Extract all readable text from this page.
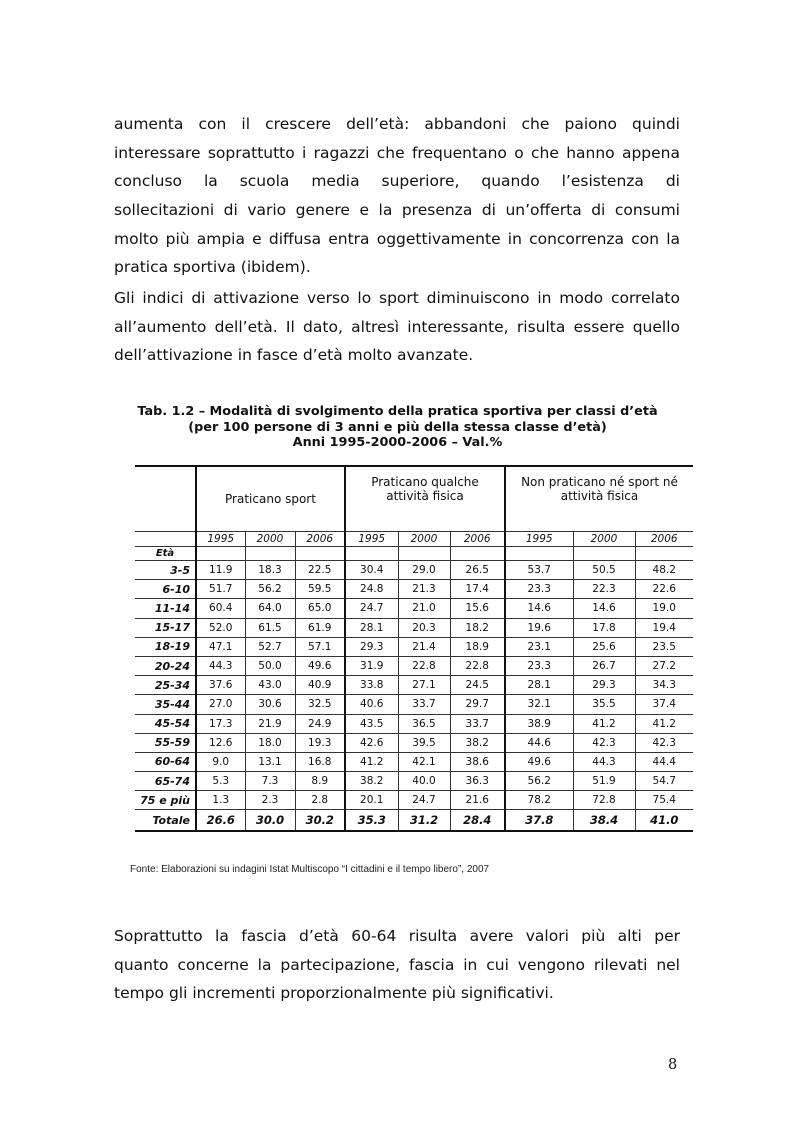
aumenta con il crescere dell’età: abbandoni che paiono quindi
interessare soprattutto i ragazzi che frequentano o che hanno appena
concluso la scuola media superiore, quando l’esistenza di
sollecitazioni di vario genere e la presenza di un’offerta di consumi
molto più ampia e diffusa entra oggettivamente in concorrenza con la
pratica sportiva (ibidem).
Gli indici di attivazione verso lo sport diminuiscono in modo correlato
all’aumento dell’età. Il dato, altresì interessante, risulta essere quello
dell’attivazione in fasce d’età molto avanzate.
Tab. 1.2 – Modalità di svolgimento della pratica sportiva per classi d’età
(per 100 persone di 3 anni e più della stessa classe d’età)
Anni 1995-2000-2006 – Val.%
	Praticano sport			Praticano qualche attività fisica			Non praticano né sport né attività fisica		

	1995	2000	2006	1995	2000	2006	1995	2000	2006
Età									
3-5	11.9	18.3	22.5	30.4	29.0	26.5	53.7	50.5	48.2
6-10	51.7	56.2	59.5	24.8	21.3	17.4	23.3	22.3	22.6
11-14	60.4	64.0	65.0	24.7	21.0	15.6	14.6	14.6	19.0
15-17	52.0	61.5	61.9	28.1	20.3	18.2	19.6	17.8	19.4
18-19	47.1	52.7	57.1	29.3	21.4	18.9	23.1	25.6	23.5
20-24	44.3	50.0	49.6	31.9	22.8	22.8	23.3	26.7	27.2
25-34	37.6	43.0	40.9	33.8	27.1	24.5	28.1	29.3	34.3
35-44	27.0	30.6	32.5	40.6	33.7	29.7	32.1	35.5	37.4
45-54	17.3	21.9	24.9	43.5	36.5	33.7	38.9	41.2	41.2
55-59	12.6	18.0	19.3	42.6	39.5	38.2	44.6	42.3	42.3
60-64	9.0	13.1	16.8	41.2	42.1	38.6	49.6	44.3	44.4
65-74	5.3	7.3	8.9	38.2	40.0	36.3	56.2	51.9	54.7
75 e più	1.3	2.3	2.8	20.1	24.7	21.6	78.2	72.8	75.4
Totale	26.6	30.0	30.2	35.3	31.2	28.4	37.8	38.4	41.0
Fonte: Elaborazioni su indagini Istat Multiscopo “I cittadini e il tempo libero”, 2007
Soprattutto la fascia d’età 60-64 risulta avere valori più alti per
quanto concerne la partecipazione, fascia in cui vengono rilevati nel
tempo gli incrementi proporzionalmente più significativi.
8
